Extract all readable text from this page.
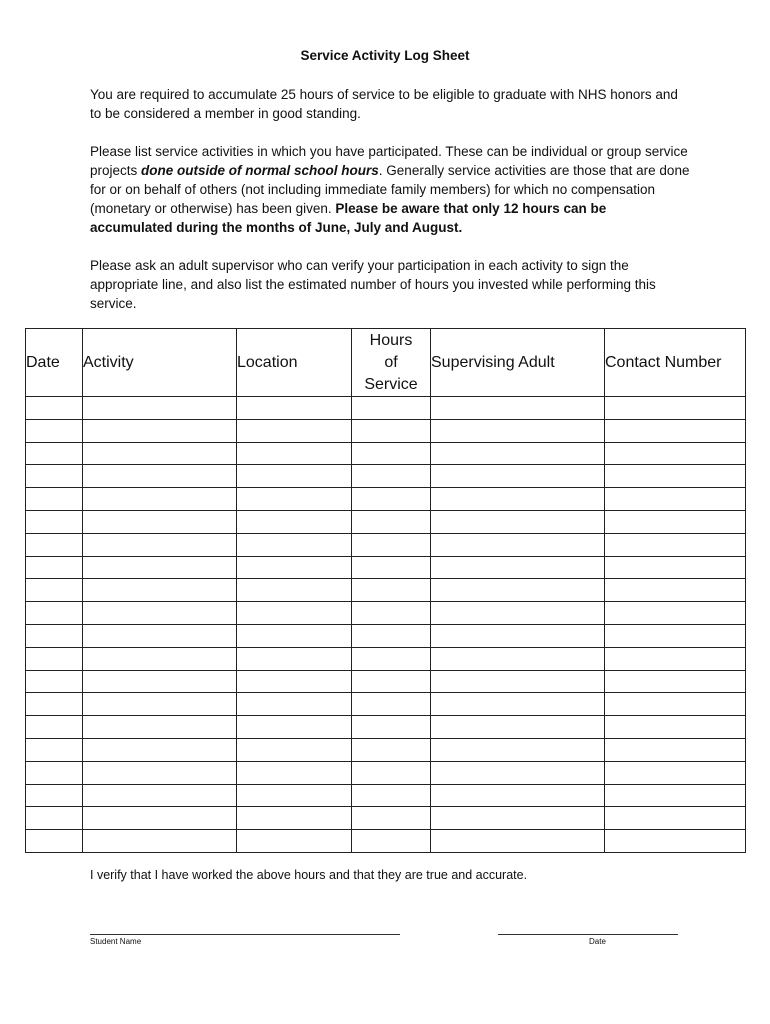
Service Activity Log Sheet
You are required to accumulate 25 hours of service to be eligible to graduate with NHS honors and to be considered a member in good standing.
Please list service activities in which you have participated. These can be individual or group service projects done outside of normal school hours. Generally service activities are those that are done for or on behalf of others (not including immediate family members) for which no compensation (monetary or otherwise) has been given. Please be aware that only 12 hours can be accumulated during the months of June, July and August.
Please ask an adult supervisor who can verify your participation in each activity to sign the appropriate line, and also list the estimated number of hours you invested while performing this service.
Date	Activity	Location	Hours
of
Service	Supervising Adult	Contact Number

I verify that I have worked the above hours and that they are true and accurate.
Student Name	Date
